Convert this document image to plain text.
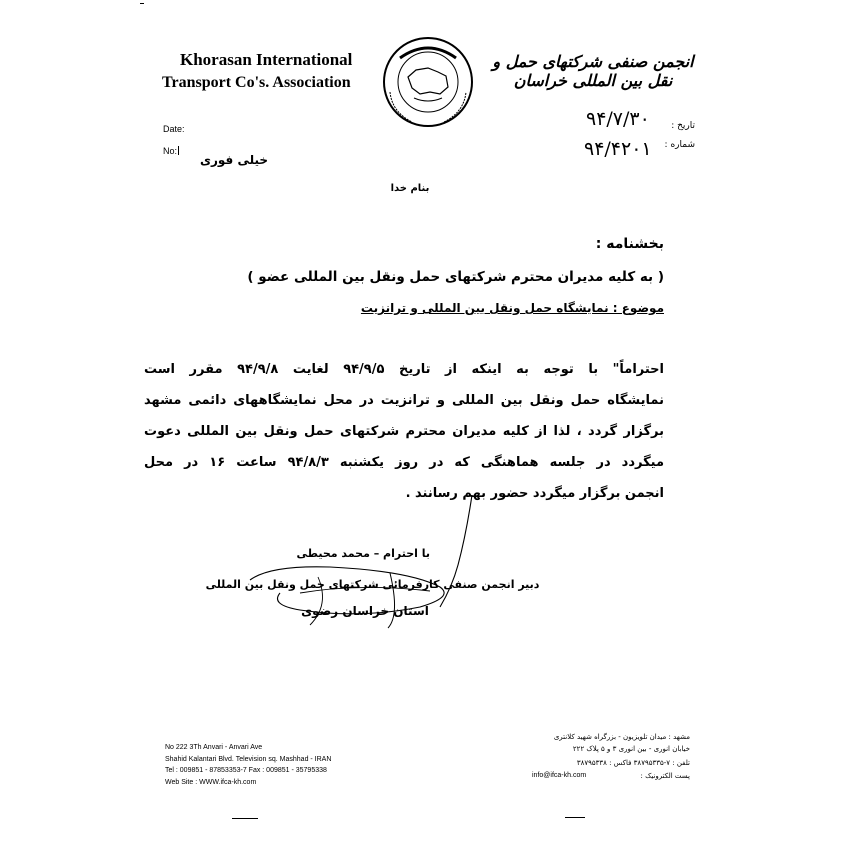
Khorasan International
Transport Co's. Association
انجمن صنفی شرکتهای حمل و نقل بین المللی خراسان
Date:
No:
تاریخ :
شماره :
۹۴/۷/۳۰
۹۴/۴۲۰۱
خیلی فوری
بنام خدا
بخشنامه :
( به کلیه مدیران محترم شرکتهای حمل ونقل بین المللی عضو )
موضوع : نمایشگاه حمل ونقل بین المللی و ترانزیت
احتراماً" با توجه به اینکه از تاریخ ۹۴/۹/۵ لغایت ۹۴/۹/۸ مقرر است
نمایشگاه حمل ونقل بین المللی و ترانزیت در محل نمایشگاههای دائمی مشهد
برگزار گردد ، لذا از کلیه مدیران محترم شرکتهای حمل ونقل بین المللی دعوت
میگردد در جلسه هماهنگی که در روز یکشنبه ۹۴/۸/۳ ساعت ۱۶ در محل
انجمن برگزار میگردد حضور بهم رسانند .
با احترام – محمد محیطی
دبیر انجمن صنفی کارفرمائی شرکتهای حمل ونقل بین المللی
استان خراسان رضوی
No 222 3Th Anvari - Anvari Ave
Shahid Kalantari Blvd. Television sq. Mashhad - IRAN
Tel : 009851 - 87853353-7 Fax : 009851 - 35795338
Web Site : WWW.ifca-kh.com
مشهد : میدان تلویزیون - بزرگراه شهید کلانتری
خیابان انوری - بین انوری ۳ و ۵ پلاک ۲۲۲
تلفن : ۷-۳۸۷۹۵۳۳۵ فاکس : ۳۸۷۹۵۳۳۸
پست الکترونیک :
info@ifca-kh.com
